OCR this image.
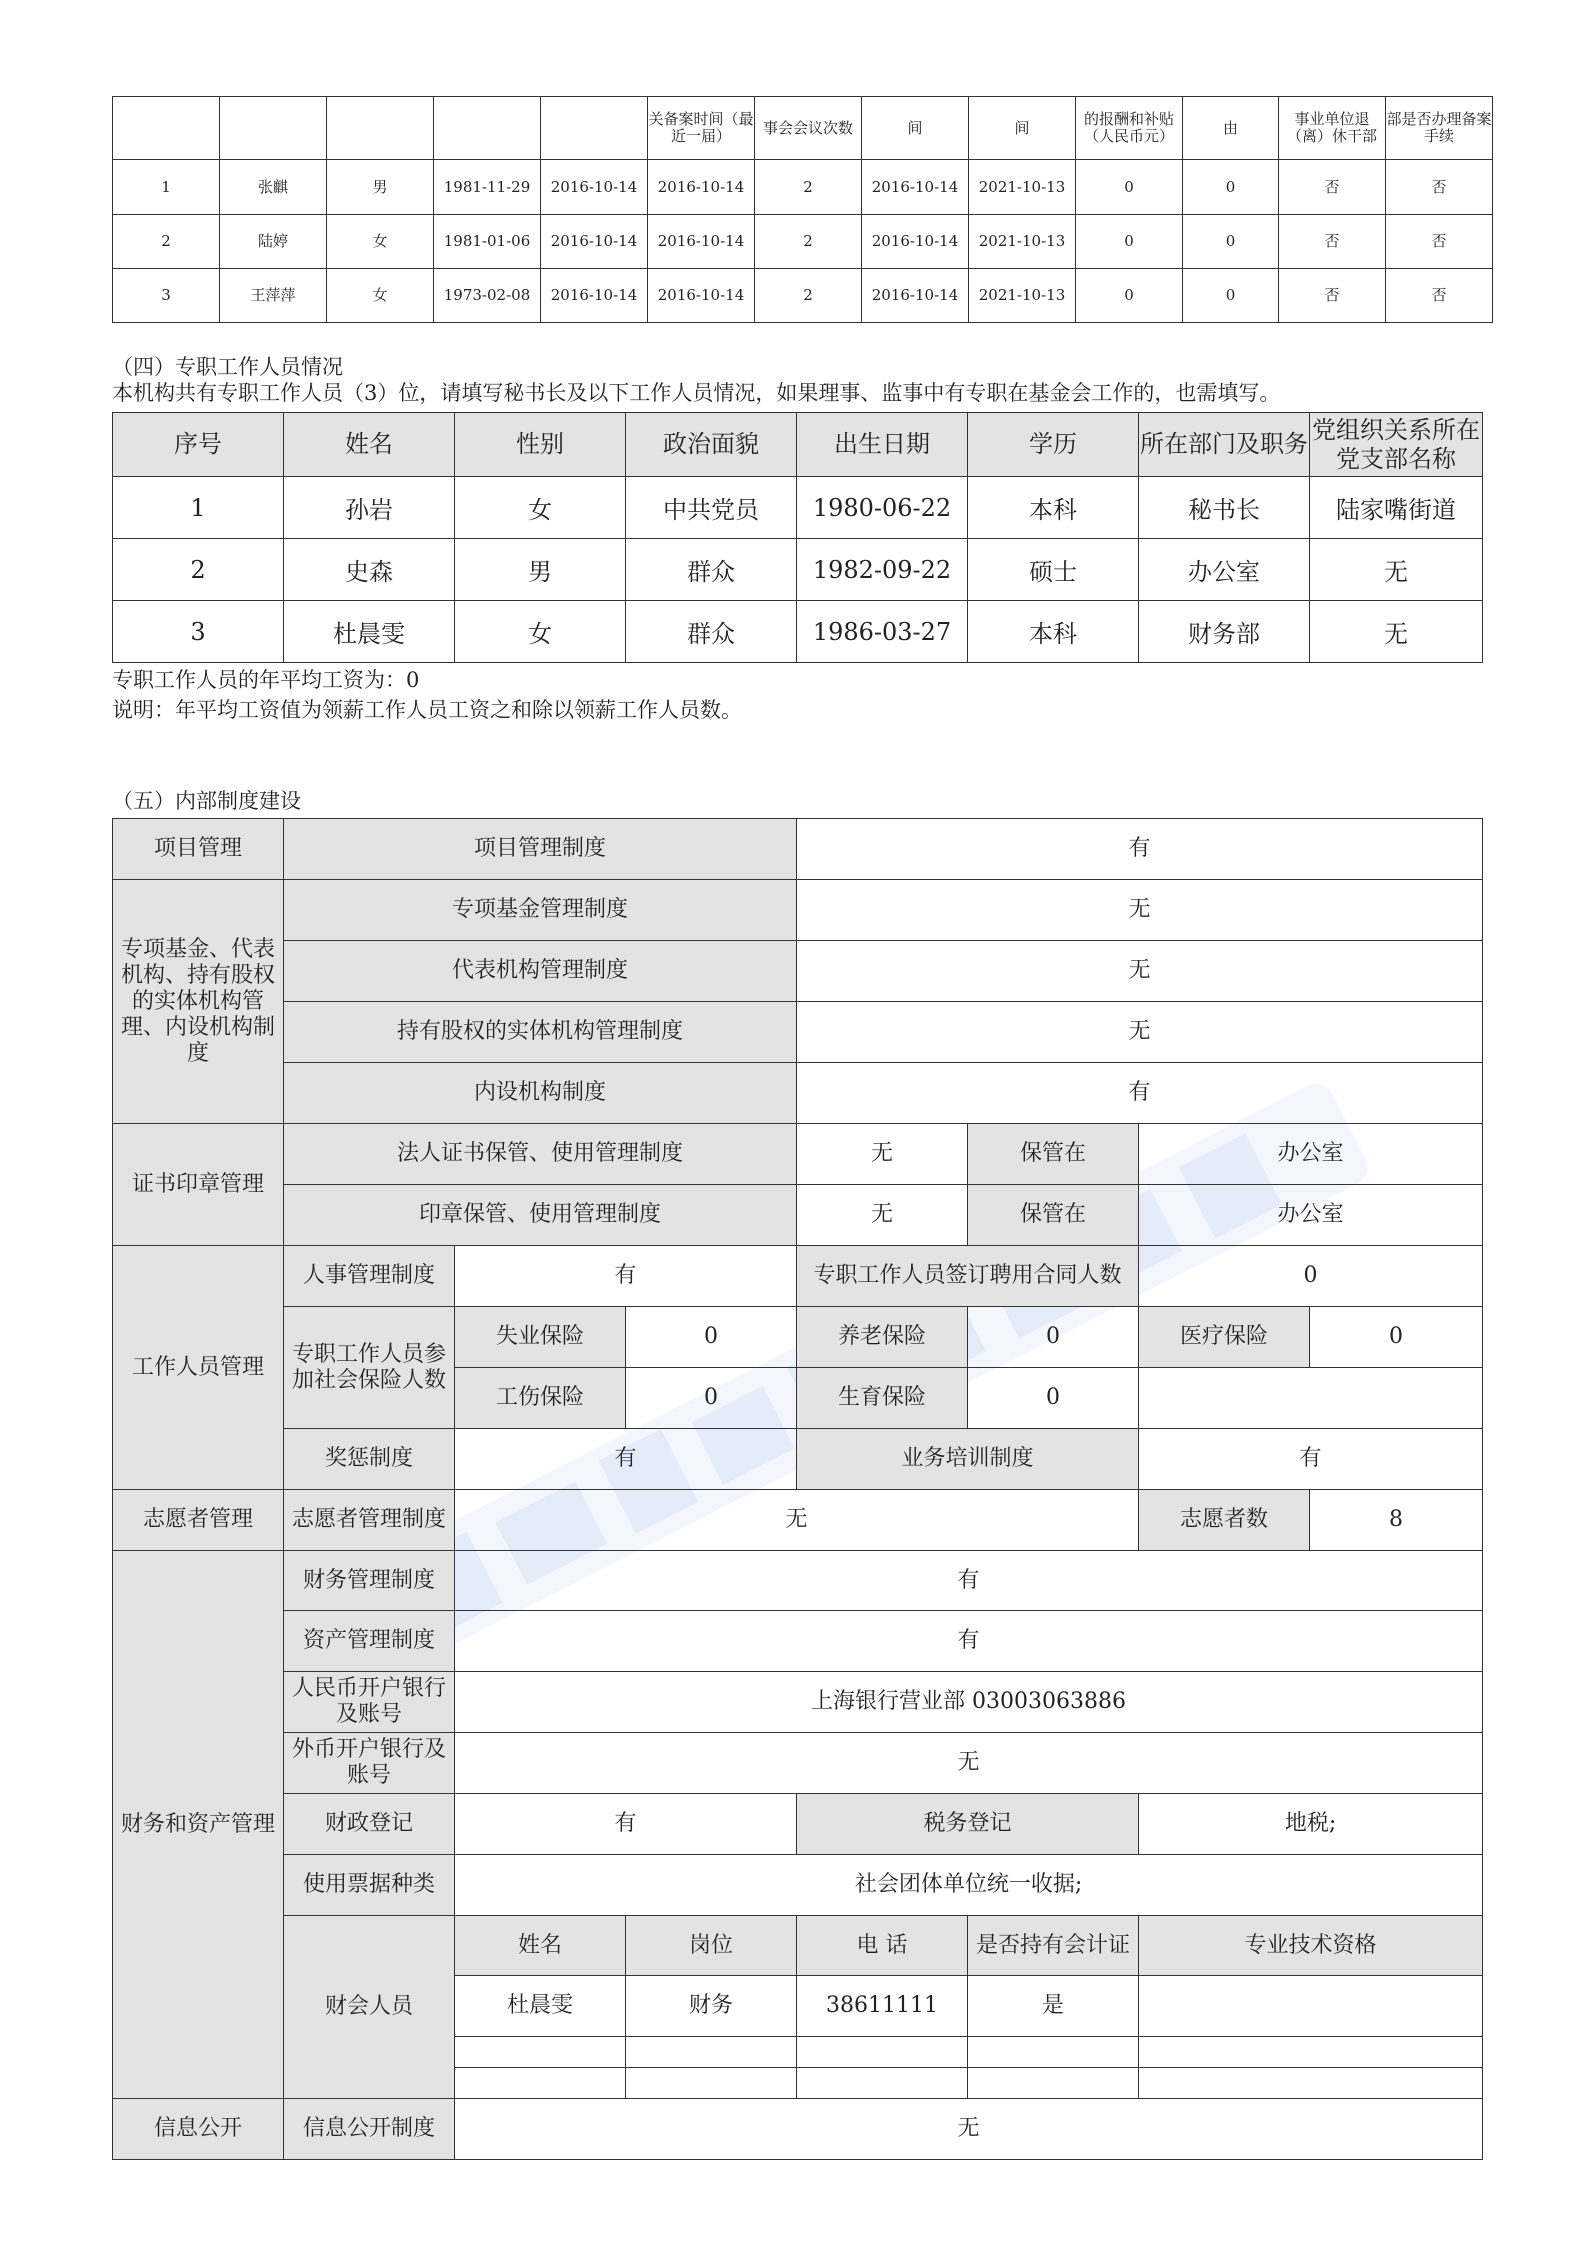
					关备案时间（最近一届）	事会会议次数	间	间	的报酬和补贴（人民币元）	由	事业单位退（离）休干部	部是否办理备案手续
1	张麒	男	1981-11-29	2016-10-14	2016-10-14	2	2016-10-14	2021-10-13	0	0	否	否
2	陆婷	女	1981-01-06	2016-10-14	2016-10-14	2	2016-10-14	2021-10-13	0	0	否	否
3	王萍萍	女	1973-02-08	2016-10-14	2016-10-14	2	2016-10-14	2021-10-13	0	0	否	否
（四）专职工作人员情况
本机构共有专职工作人员（3）位，请填写秘书长及以下工作人员情况，如果理事、监事中有专职在基金会工作的，也需填写。
序号	姓名	性别	政治面貌	出生日期	学历	所在部门及职务	党组织关系所在党支部名称
1	孙岩	女	中共党员	1980-06-22	本科	秘书长	陆家嘴街道
2	史森	男	群众	1982-09-22	硕士	办公室	无
3	杜晨雯	女	群众	1986-03-27	本科	财务部	无
专职工作人员的年平均工资为：0
说明：年平均工资值为领薪工作人员工资之和除以领薪工作人员数。
（五）内部制度建设
项目管理	项目管理制度			有			
专项基金、代表机构、持有股权的实体机构管理、内设机构制度	专项基金管理制度			无			
	代表机构管理制度			无			
	持有股权的实体机构管理制度			无			
	内设机构制度			有			
证书印章管理	法人证书保管、使用管理制度			无	保管在	办公室	
	印章保管、使用管理制度			无	保管在	办公室	
工作人员管理	人事管理制度	有		专职工作人员签订聘用合同人数		0	
	专职工作人员参加社会保险人数	失业保险	0	养老保险	0	医疗保险	0
		工伤保险	0	生育保险	0		
	奖惩制度	有		业务培训制度		有	
志愿者管理	志愿者管理制度	无				志愿者数	8
财务和资产管理	财务管理制度	有					
	资产管理制度	有					
	人民币开户银行及账号	上海银行营业部 03003063886					
	外币开户银行及账号	无					
	财政登记	有		税务登记		地税;	
	使用票据种类	社会团体单位统一收据;					
	财会人员	姓名	岗位	电 话	是否持有会计证	专业技术资格	
		杜晨雯	财务	38611111	是		

信息公开	信息公开制度	无					
